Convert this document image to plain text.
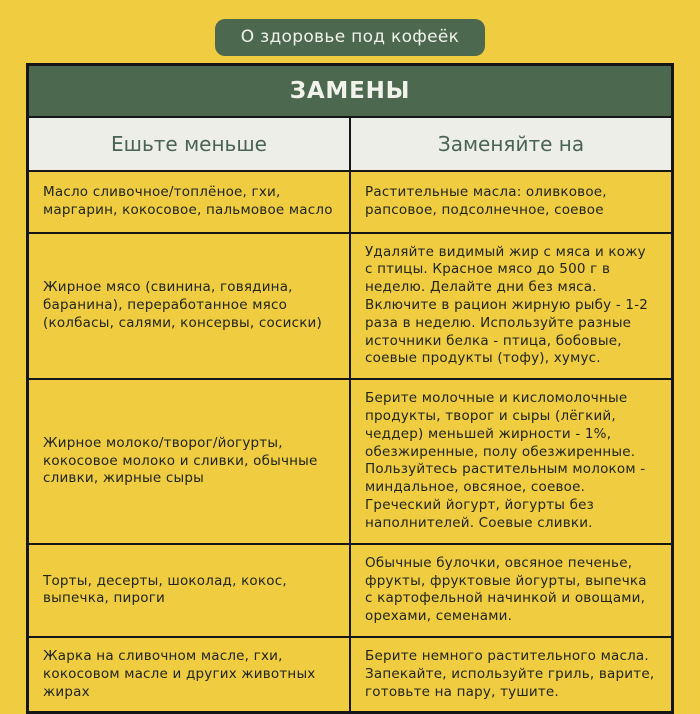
О здоровье под кофеёк
ЗАМЕНЫ	
Ешьте меньше	Заменяйте на
Масло сливочное/топлёное, гхи, маргарин, кокосовое, пальмовое масло	Растительные масла: оливковое, рапсовое, подсолнечное, соевое
Жирное мясо (свинина, говядина, баранина), переработанное мясо (колбасы, салями, консервы, сосиски)	Удаляйте видимый жир с мяса и кожу с птицы. Красное мясо до 500 г в неделю. Делайте дни без мяса. Включите в рацион жирную рыбу - 1-2 раза в неделю. Используйте разные источники белка - птица, бобовые, соевые продукты (тофу), хумус.
Жирное молоко/творог/йогурты, кокосовое молоко и сливки, обычные сливки, жирные сыры	Берите молочные и кисломолочные продукты, творог и сыры (лёгкий, чеддер) меньшей жирности - 1%, обезжиренные, полу обезжиренные. Пользуйтесь растительным молоком - миндальное, овсяное, соевое. Греческий йогурт, йогурты без наполнителей. Соевые сливки.
Торты, десерты, шоколад, кокос, выпечка, пироги	Обычные булочки, овсяное печенье, фрукты, фруктовые йогурты, выпечка с картофельной начинкой и овощами, орехами, семенами.
Жарка на сливочном масле, гхи, кокосовом масле и других животных жирах	Берите немного растительного масла. Запекайте, используйте гриль, варите, готовьте на пару, тушите.
